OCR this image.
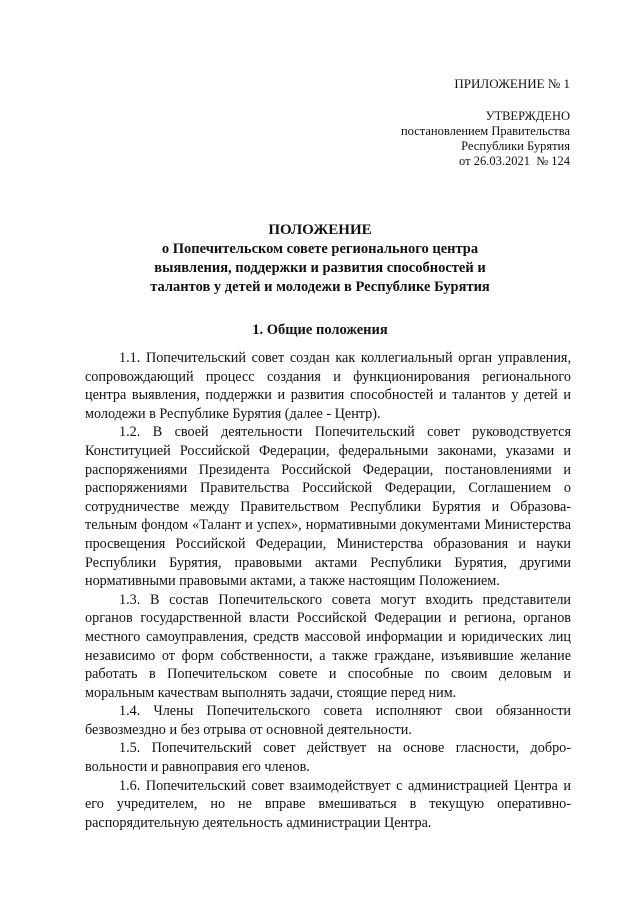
ПРИЛОЖЕНИЕ № 1
УТВЕРЖДЕНО
постановлением Правительства
Республики Бурятия
от 26.03.2021  № 124
ПОЛОЖЕНИЕ
о Попечительском совете регионального центра
выявления, поддержки и развития способностей и
талантов у детей и молодежи в Республике Бурятия
1. Общие положения

1.1. Попечительский совет создан как коллегиальный орган управления, сопровождающий процесс создания и функционирования регионального центра выявления, поддержки и развития способностей и талантов у детей и молодежи в Республике Бурятия (далее - Центр).

1.2. В своей деятельности Попечительский совет руководствуется Конституцией Российской Федерации, федеральными законами, указами и распоряжениями Президента Российской Федерации, постановлениями и распоряжениями Правительства Российской Федерации, Соглашением о сотрудничестве между Правительством Республики Бурятия и Образовательным фондом «Талант и успех», нормативными документами Министерства просвещения Российской Федерации, Министерства образования и науки Республики Бурятия, правовыми актами Республики Бурятия, другими нормативными правовыми актами, а также настоящим Положением.

1.3. В состав Попечительского совета могут входить представители органов государственной власти Российской Федерации и региона, органов местного самоуправления, средств массовой информации и юридических лиц независимо от форм собственности, а также граждане, изъявившие желание работать в Попечительском совете и способные по своим деловым и моральным качествам выполнять задачи, стоящие перед ним.

1.4. Члены Попечительского совета исполняют свои обязанности безвозмездно и без отрыва от основной деятельности.

1.5. Попечительский совет действует на основе гласности, добровольности и равноправия его членов.

1.6. Попечительский совет взаимодействует с администрацией Центра и его учредителем, но не вправе вмешиваться в текущую оперативно-распорядительную деятельность администрации Центра.
